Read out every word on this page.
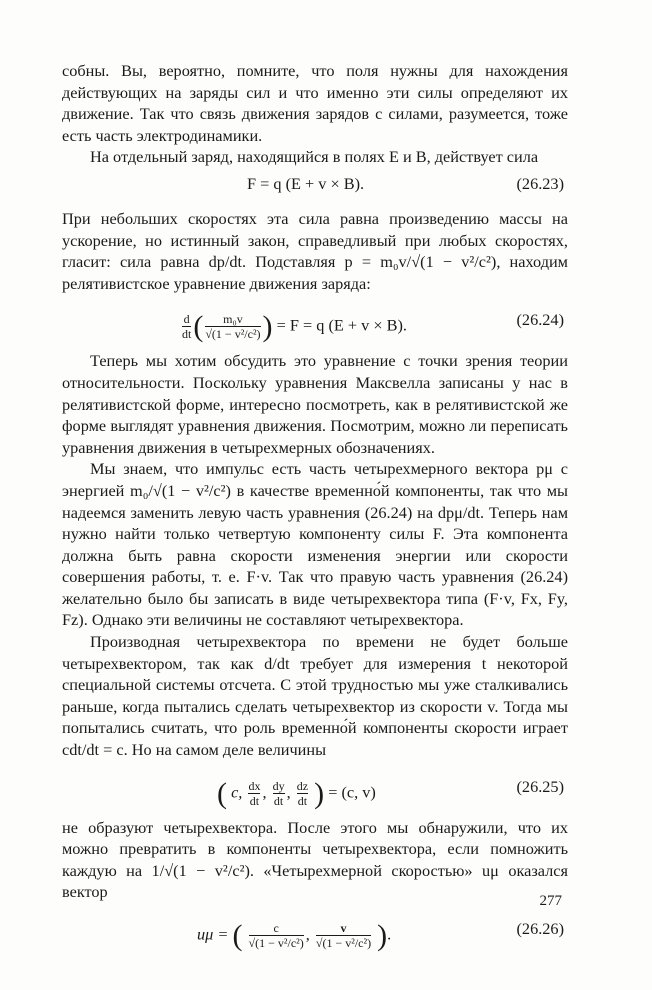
собны. Вы, вероятно, помните, что поля нужны для нахождения действующих на заряды сил и что именно эти силы определяют их движение. Так что связь движения зарядов с силами, разумеется, тоже есть часть электродинамики.

На отдельный заряд, находящийся в полях E и B, действует сила

F = q (E + v × B).	(26.23)

При небольших скоростях эта сила равна произведению массы на ускорение, но истинный закон, справедливый при любых скоростях, гласит: сила равна dp/dt. Подставляя p = m₀v/√(1 − v²/c²), находим релятивистское уравнение движения заряда:

$\frac{d}{dt}$ ( $\frac{\text{m₀v}}{\text{√(1 − v²/c²)}}$ ) = F = q (E + v × B).	(26.24)

Теперь мы хотим обсудить это уравнение с точки зрения теории относительности. Поскольку уравнения Максвелла записаны у нас в релятивистской форме, интересно посмотреть, как в релятивистской же форме выглядят уравнения движения. Посмотрим, можно ли переписать уравнения движения в четырехмерных обозначениях.

Мы знаем, что импульс есть часть четырехмерного вектора pμ с энергией m₀/√(1 − v²/c²) в качестве временно́й компоненты, так что мы надеемся заменить левую часть уравнения (26.24) на dpμ/dt. Теперь нам нужно найти только четвертую компоненту силы F. Эта компонента должна быть равна скорости изменения энергии или скорости совершения работы, т. е. F·v. Так что правую часть уравнения (26.24) желательно было бы записать в виде четырехвектора типа (F·v, Fx, Fy, Fz). Однако эти величины не составляют четырехвектора.

Производная четырехвектора по времени не будет больше четырехвектором, так как d/dt требует для измерения t некоторой специальной системы отсчета. С этой трудностью мы уже сталкивались раньше, когда пытались сделать четырехвектор из скорости v. Тогда мы попытались считать, что роль временно́й компоненты скорости играет cdt/dt = c. Но на самом деле величины

( c, $\frac{dx}{dt}$ , $\frac{dy}{dt}$ , $\frac{dz}{dt}$ ) = (c, v)	(26.25)

не образуют четырехвектора. После этого мы обнаружили, что их можно превратить в компоненты четырехвектора, если помножить каждую на 1/√(1 − v²/c²). «Четырехмерной скоростью» uμ оказался вектор

uμ = ( $\frac{c}{\text{√(1 − v²/c²)}}$ , $\frac{v}{\text{√(1 − v²/c²)}}$ ).	(26.26)
277
